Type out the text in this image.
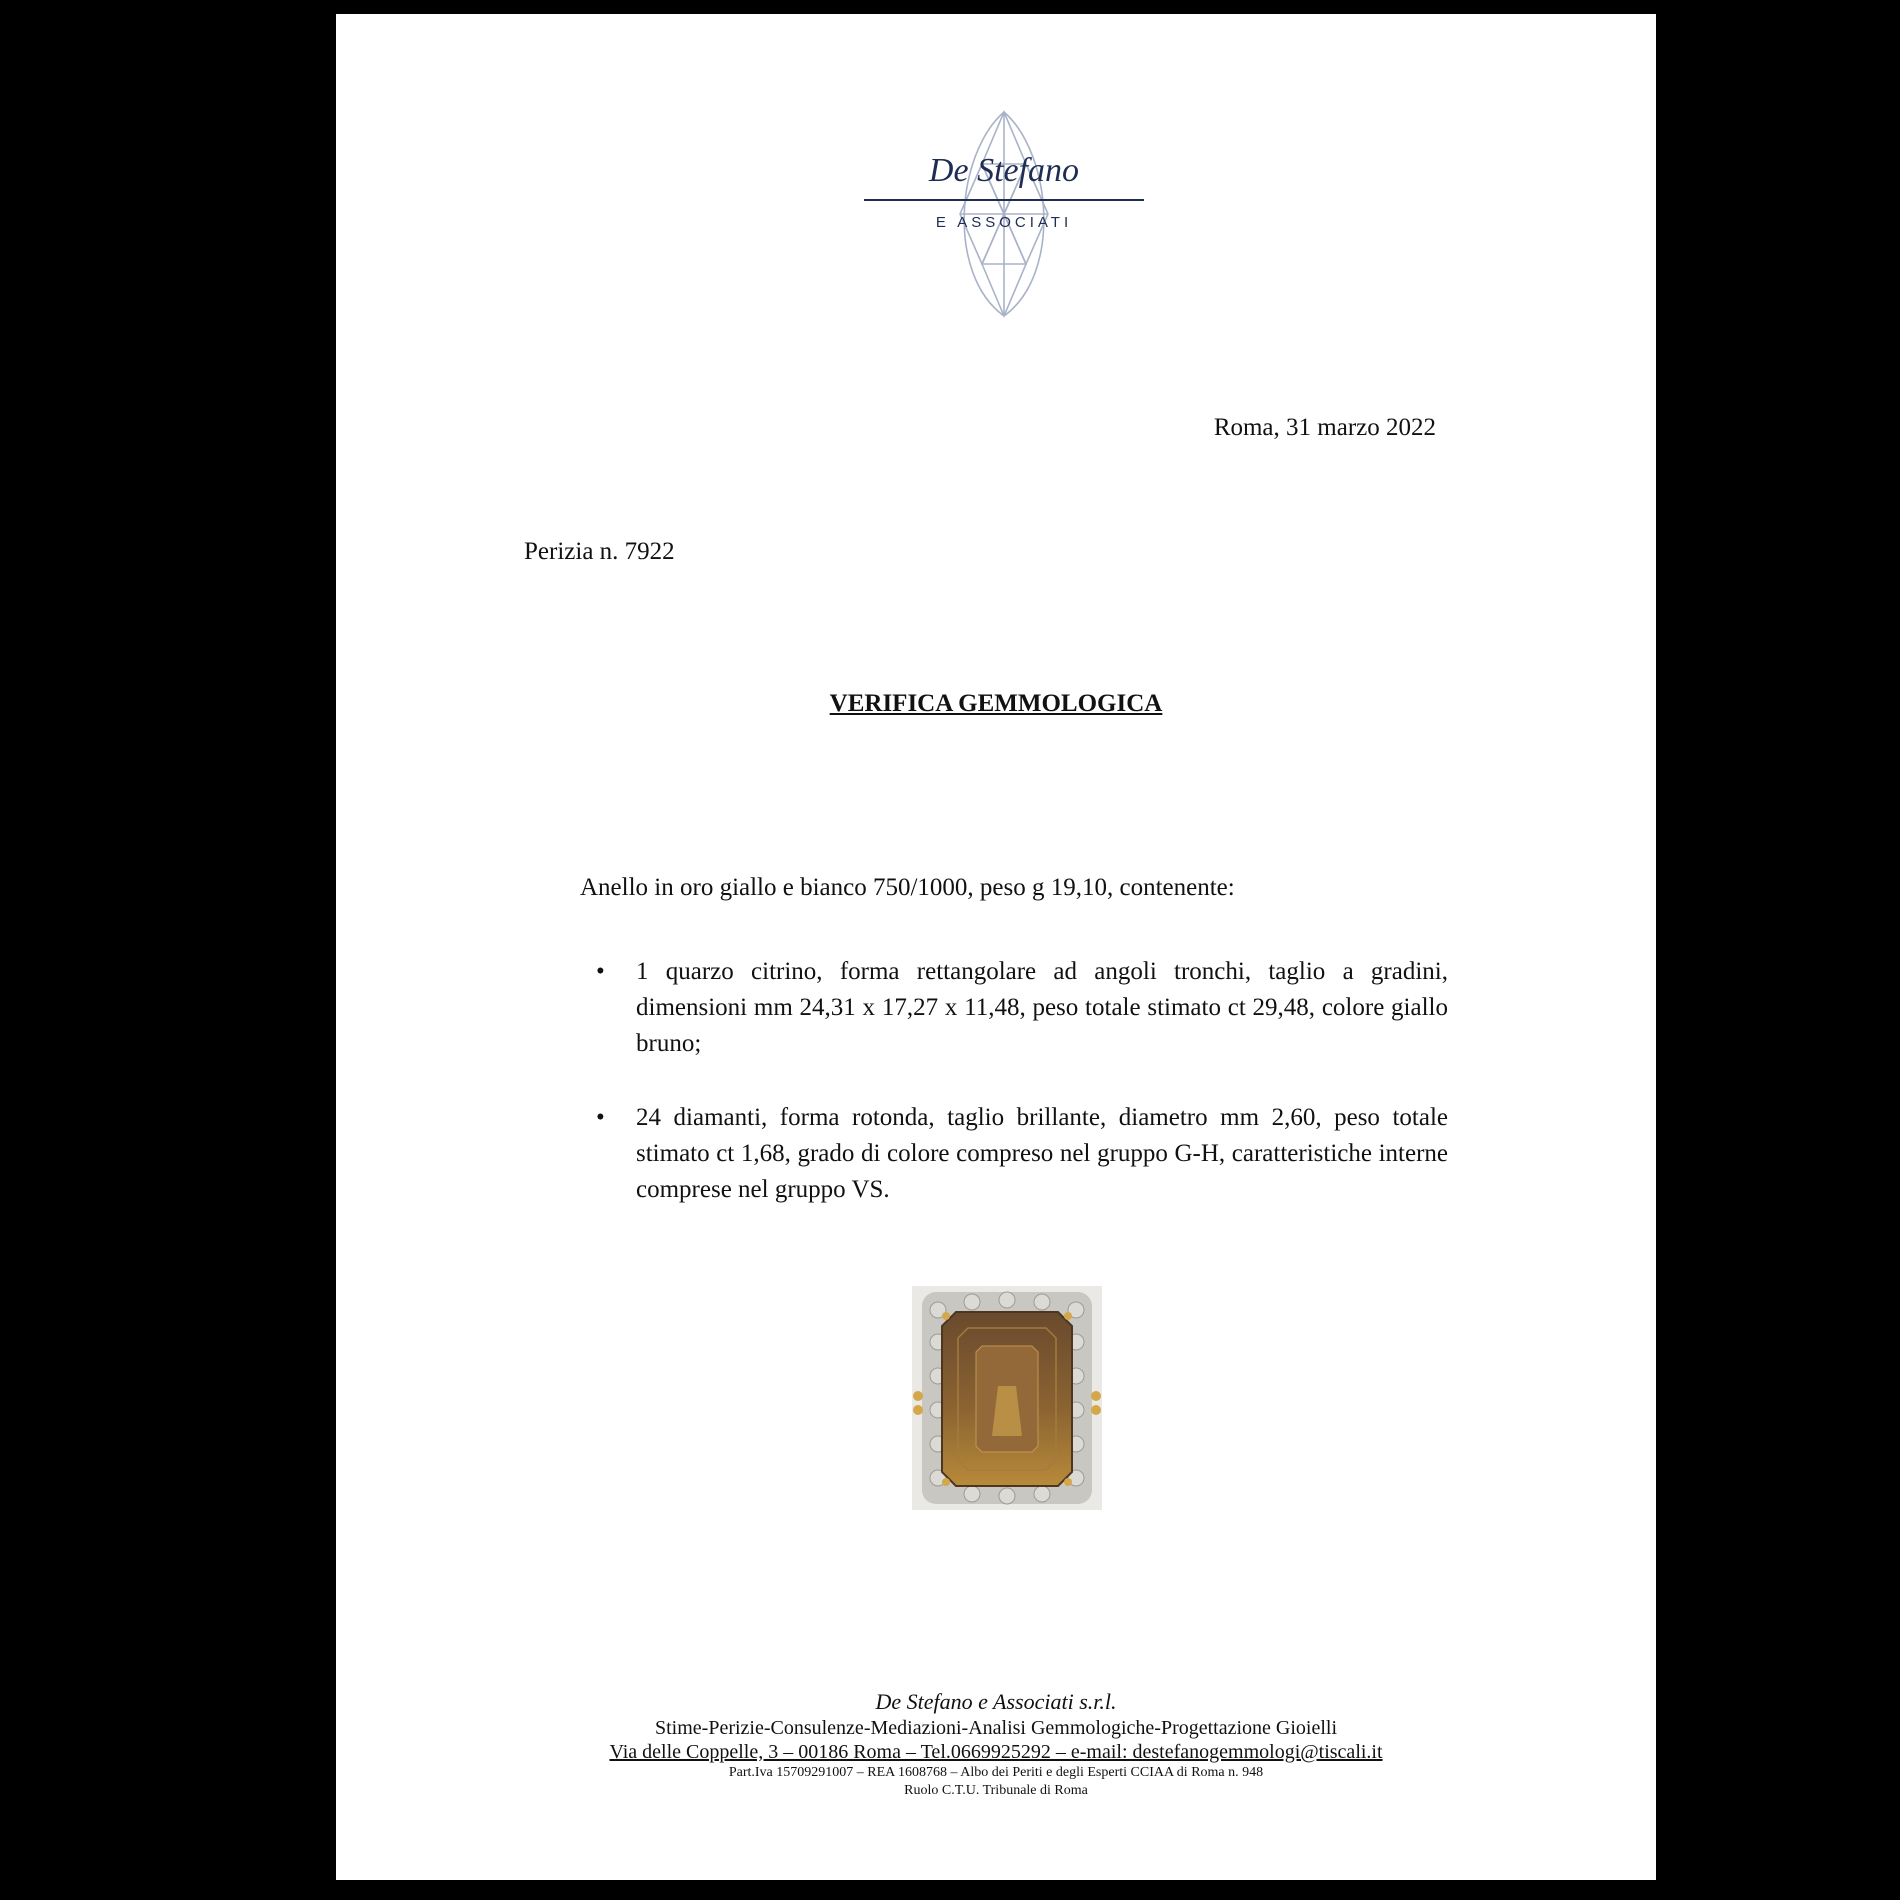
De Stefano
E ASSOCIATI
Roma, 31 marzo 2022
Perizia n. 7922
VERIFICA GEMMOLOGICA
Anello in oro giallo e bianco 750/1000, peso g 19,10, contenente:
• 1 quarzo citrino, forma rettangolare ad angoli tronchi, taglio a gradini, dimensioni mm 24,31 x 17,27 x 11,48, peso totale stimato ct 29,48, colore giallo bruno;
• 24 diamanti, forma rotonda, taglio brillante, diametro mm 2,60, peso totale stimato ct 1,68, grado di colore compreso nel gruppo G-H, caratteristiche interne comprese nel gruppo VS.
De Stefano e Associati s.r.l.
Stime-Perizie-Consulenze-Mediazioni-Analisi Gemmologiche-Progettazione Gioielli
Via delle Coppelle, 3 – 00186 Roma – Tel.0669925292 – e-mail: destefanogemmologi@tiscali.it
Part.Iva 15709291007 – REA 1608768 – Albo dei Periti e degli Esperti CCIAA di Roma n. 948
Ruolo C.T.U. Tribunale di Roma
